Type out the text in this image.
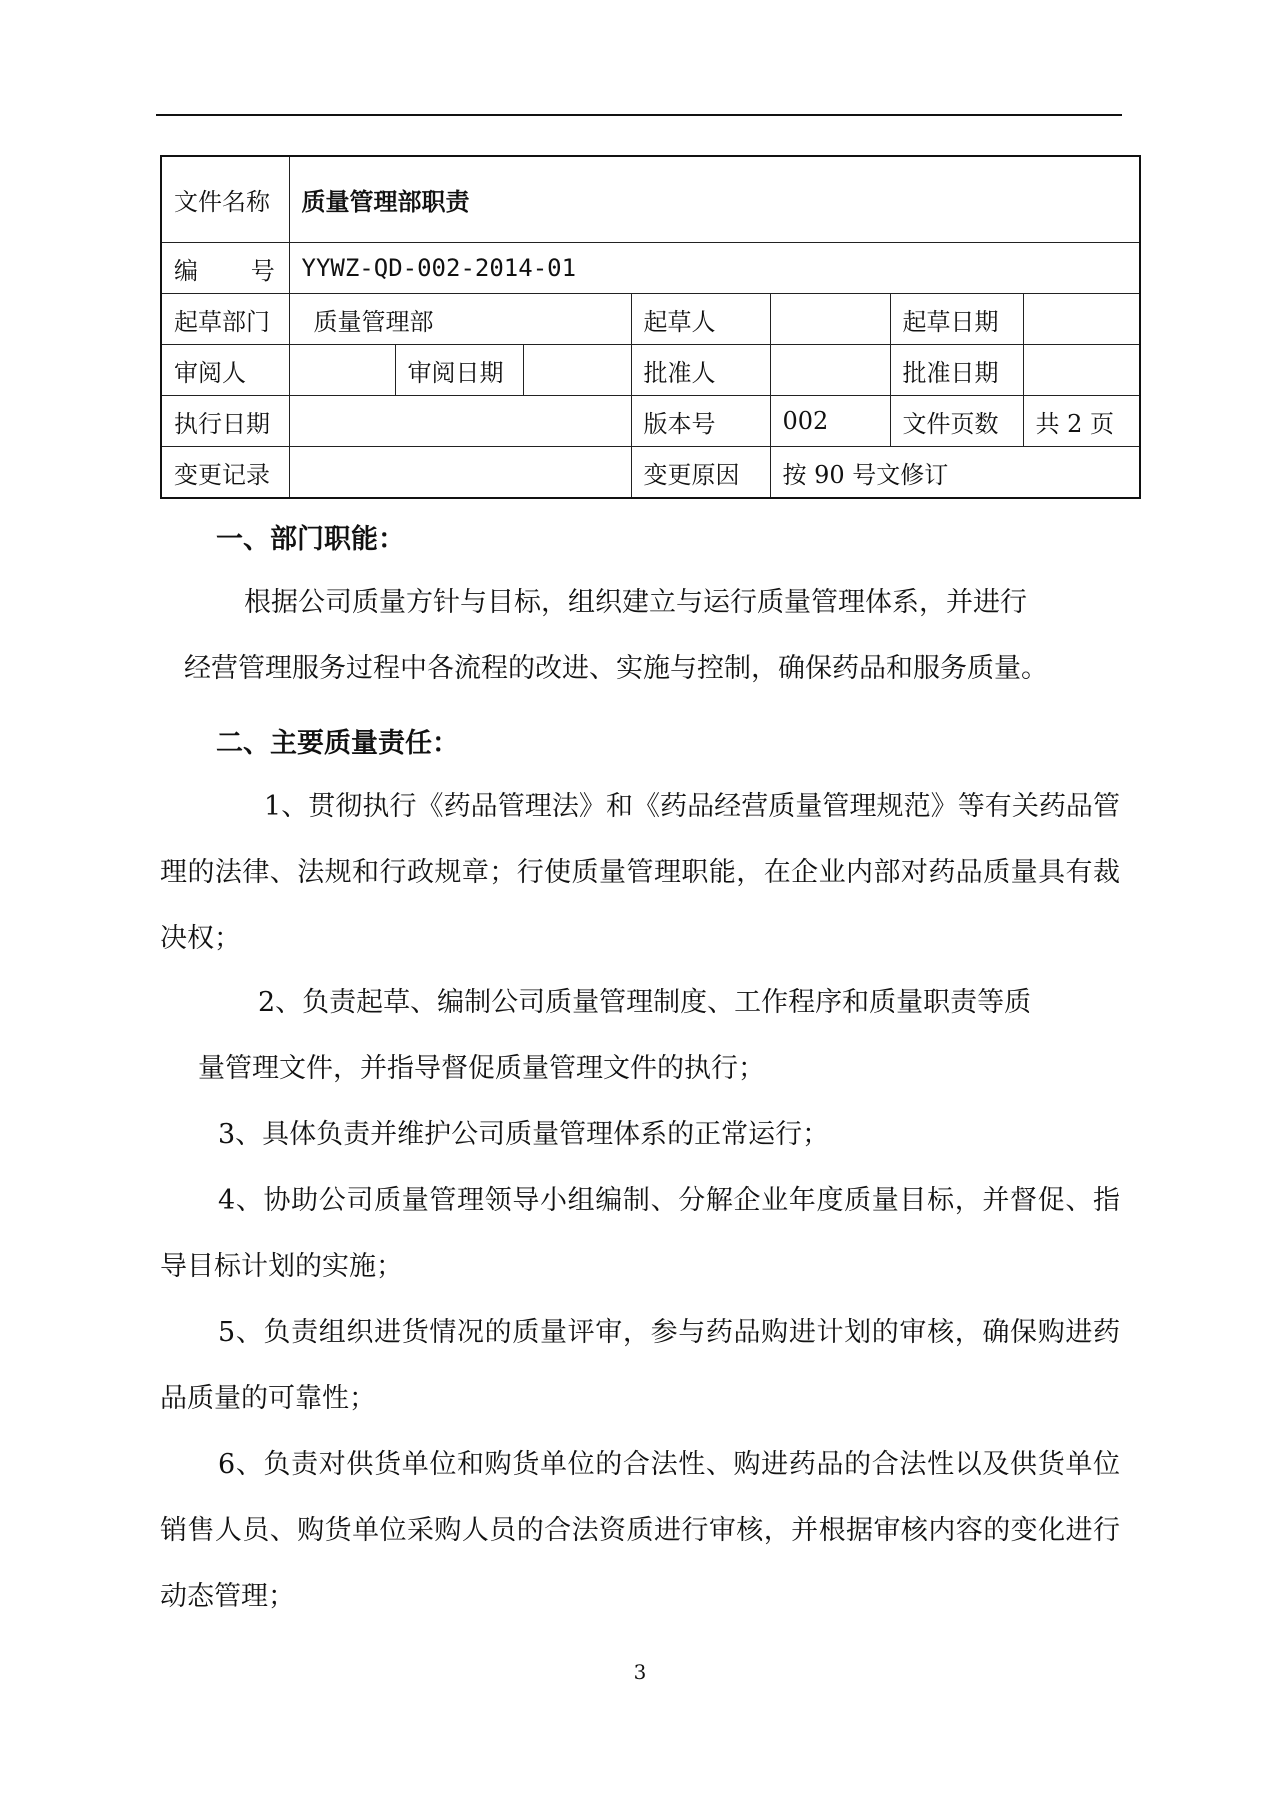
文件名称	质量管理部职责						
编 号	YYWZ-QD-002-2014-01						
起草部门	质量管理部			起草人		起草日期	
审阅人		审阅日期		批准人		批准日期	
执行日期				版本号	002	文件页数	共 2 页
变更记录				变更原因	按 90 号文修订		
一、部门职能：
根据公司质量方针与目标，组织建立与运行质量管理体系，并进行
经营管理服务过程中各流程的改进、实施与控制，确保药品和服务质量。
二、主要质量责任：
1、贯彻执行《药品管理法》和《药品经营质量管理规范》等有关药品管理的法律、法规和行政规章；行使质量管理职能，在企业内部对药品质量具有裁决权；
2、负责起草、编制公司质量管理制度、工作程序和质量职责等质
量管理文件，并指导督促质量管理文件的执行；
3、具体负责并维护公司质量管理体系的正常运行；
4、协助公司质量管理领导小组编制、分解企业年度质量目标，并督促、指导目标计划的实施；
5、负责组织进货情况的质量评审，参与药品购进计划的审核，确保购进药品质量的可靠性；
6、负责对供货单位和购货单位的合法性、购进药品的合法性以及供货单位销售人员、购货单位采购人员的合法资质进行审核，并根据审核内容的变化进行动态管理；
3
